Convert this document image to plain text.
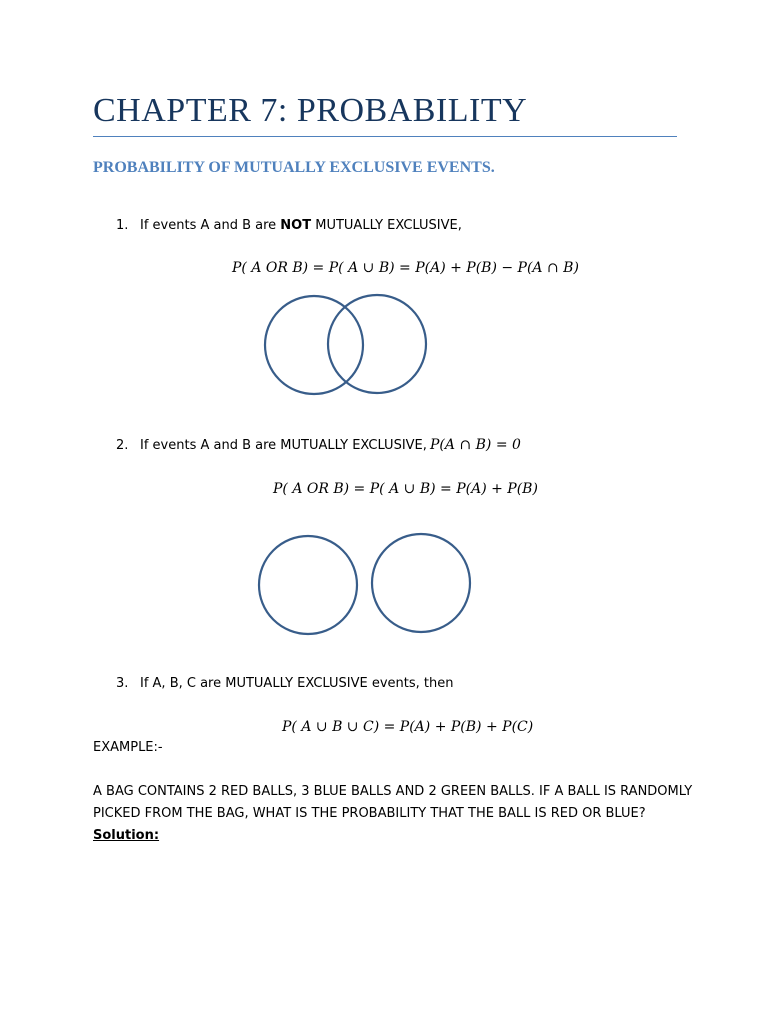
CHAPTER 7: PROBABILITY
PROBABILITY OF MUTUALLY EXCLUSIVE EVENTS.
1. If events A and B are NOT MUTUALLY EXCLUSIVE,
P( A OR B) = P( A ∪ B) = P(A) + P(B) − P(A ∩ B)
2. If events A and B are MUTUALLY EXCLUSIVE, P(A ∩ B) = 0
P( A OR B) = P( A ∪ B) = P(A) + P(B)
3. If A, B, C are MUTUALLY EXCLUSIVE events, then
P( A ∪ B ∪ C) = P(A) + P(B) + P(C)
EXAMPLE:-
A BAG CONTAINS 2 RED BALLS, 3 BLUE BALLS AND 2 GREEN BALLS. IF A BALL IS RANDOMLY
PICKED FROM THE BAG, WHAT IS THE PROBABILITY THAT THE BALL IS RED OR BLUE?
Solution:
